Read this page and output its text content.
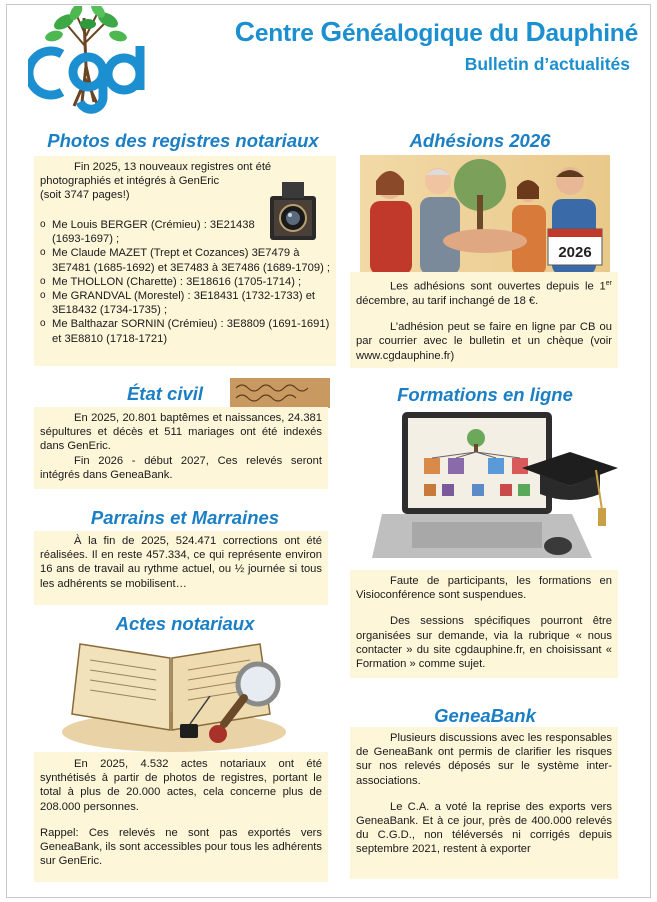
cgd
Centre Généalogique du Dauphiné
Bulletin d’actualités
Photos des registres notariaux
Fin 2025, 13 nouveaux registres ont été photographiés et intégrés à GenEric
(soit 3747 pages!)
o Me Louis BERGER (Crémieu) : 3E21438 (1693-1697) ;
o Me Claude MAZET (Trept et Cozances) 3E7479 à 3E7481 (1685-1692) et 3E7483 à 3E7486 (1689-1709) ;
o Me THOLLON (Charette) : 3E18616 (1705-1714) ;
o Me GRANDVAL (Morestel) : 3E18431 (1732-1733) et 3E18432 (1734-1735) ;
o Me Balthazar SORNIN (Crémieu) : 3E8809 (1691-1691) et 3E8810 (1718-1721)
Adhésions 2026
2026
Les adhésions sont ouvertes depuis le 1er décembre, au tarif inchangé de 18 €.
L’adhésion peut se faire en ligne par CB ou par courrier avec le bulletin et un chèque (voir www.cgdauphine.fr)
État civil
En 2025, 20.801 baptêmes et naissances, 24.381 sépultures et décès et 511 mariages ont été indexés dans GenEric.
Fin 2026 - début 2027, Ces relevés seront intégrés dans GeneaBank.
Formations en ligne
Faute de participants, les formations en Visioconférence sont suspendues.
Des sessions spécifiques pourront être organisées sur demande, via la rubrique « nous contacter » du site cgdauphine.fr, en choisissant « Formation » comme sujet.
Parrains et Marraines
À la fin de 2025, 524.471 corrections ont été réalisées. Il en reste 457.334, ce qui représente environ 16 ans de travail au rythme actuel, ou ½ journée si tous les adhérents se mobilisent…
Actes notariaux
En 2025, 4.532 actes notariaux ont été synthétisés à partir de photos de registres, portant le total à plus de 20.000 actes, cela concerne plus de 208.000 personnes.
Rappel: Ces relevés ne sont pas exportés vers GeneaBank, ils sont accessibles pour tous les adhérents sur GenEric.
GeneaBank
Plusieurs discussions avec les responsables de GeneaBank ont permis de clarifier les risques sur nos relevés déposés sur le système inter-associations.
Le C.A. a voté la reprise des exports vers GeneaBank. Et à ce jour, près de 400.000 relevés du C.G.D., non téléversés ni corrigés depuis septembre 2021, restent à exporter
